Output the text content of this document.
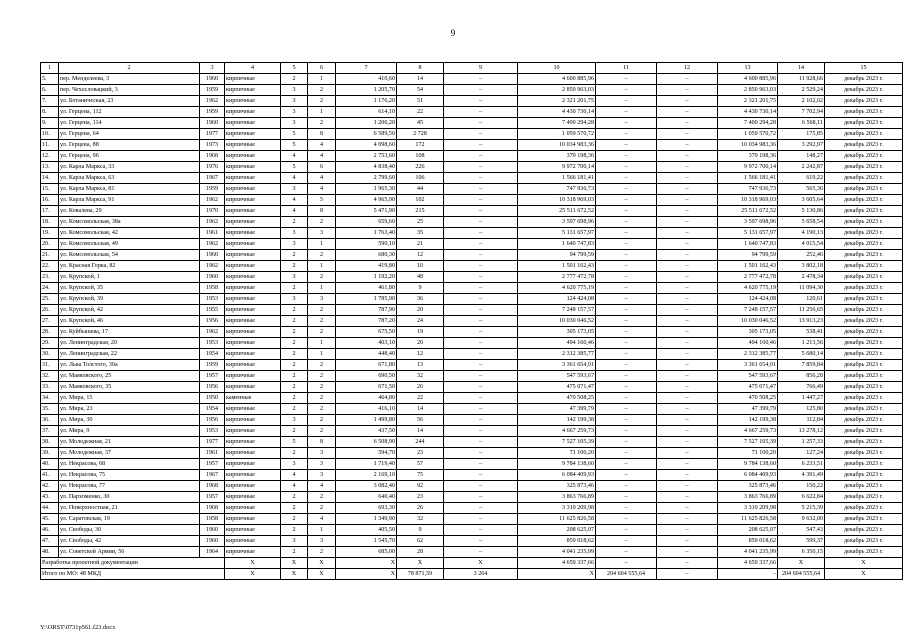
9
1	2	3	4	5	6	7	8	9	10	11	12	13	14	15	
5.	пер. Менделеева, 3	1960	кирпичные	2	1	410,60	14	–	4 600 885,96	–	–	4 600 885,96	11 928,66	декабрь 2023 г.	
6.	пер. Чехословацкий, 3	1959	кирпичные	3	2	1 205,70	54	–	2 850 963,03	–	–	2 850 963,03	2 529,24	декабрь 2023 г.	
7.	ул. Ботаническая, 23	1962	кирпичные	3	2	1 176,20	51	–	2 321 201,75	–	–	2 321 201,75	2 102,02	декабрь 2023 г.	
8.	ул. Герцена, 112	1959	кирпичные	3	1	614,10	22	–	4 430 730,14	–	–	4 430 730,14	7 702,94	декабрь 2023 г.	
9.	ул. Герцена, 114	1960	кирпичные	3	2	1 200,20	45	–	7 400 294,28	–	–	7 400 294,28	6 568,11	декабрь 2023 г.	
10.	ул. Герцена, 64	1977	кирпичные	5	8	6 589,50	2 728	–	1 059 570,72	–	–	1 059 570,72	175,85	декабрь 2023 г.	
11.	ул. Герцена, 88	1973	кирпичные	5	4	4 098,60	172	–	10 034 983,36	–	–	10 034 983,36	3 292,97	декабрь 2023 г.	
12.	ул. Герцена, 96	1968	кирпичные	4	4	2 753,60	108	–	379 198,36	–	–	379 198,36	148,27	декабрь 2023 г.	
13.	ул. Карла Маркса, 33	1976	кирпичные	5	6	4 838,40	226	–	9 972 700,14	–	–	9 972 700,14	2 242,87	декабрь 2023 г.	
14.	ул. Карла Маркса, 63	1967	кирпичные	4	4	2 799,60	106	–	1 566 181,41	–	–	1 566 181,41	619,22	декабрь 2023 г.	
15.	ул. Карла Маркса, 81	1959	кирпичные	3	4	1 965,30	44	–	747 936,73	–	–	747 936,73	565,36	декабрь 2023 г.	
16.	ул. Карла Маркса, 91	1962	кирпичные	4	5	4 965,90	102	–	10 318 969,03	–	–	10 318 969,03	3 605,64	декабрь 2023 г.	
17.	ул. Ковалева, 29	1970	кирпичные	4	8	5 471,90	215	–	25 511 672,52	–	–	25 511 672,52	5 130,86	декабрь 2023 г.	
18.	ул. Комсомольская, 38а	1962	кирпичные	2	2	659,60	25	–	3 597 698,96	–	–	3 597 698,96	5 658,54	декабрь 2023 г.	
19.	ул. Комсомольская, 42	1961	кирпичные	3	3	1 763,40	35	–	5 131 657,97	–	–	5 131 657,97	4 190,13	декабрь 2023 г.	
20.	ул. Комсомольская, 49	1962	кирпичные	3	1	590,10	21	–	1 640 747,83	–	–	1 640 747,83	4 015,54	декабрь 2023 г.	
21.	ул. Комсомольская, 54	1960	кирпичные	2	2	680,30	12	–	94 799,59	–	–	94 799,59	252,46	декабрь 2023 г.	
22.	ул. Красная Горка, 82	1962	кирпичные	2	1	419,80	10	–	1 501 162,43	–	–	1 501 162,43	3 802,18	декабрь 2023 г.	
23.	ул. Крупской, 1	1960	кирпичные	3	2	1 192,20	48	–	2 777 472,78	–	–	2 777 472,78	2 478,34	декабрь 2023 г.	
24.	ул. Крупской, 35	1958	кирпичные	2	1	461,80	9	–	4 620 775,19	–	–	4 620 775,19	11 094,30	декабрь 2023 г.	
25.	ул. Крупской, 39	1953	кирпичные	3	3	1 785,90	36	–	124 424,08	–	–	124 424,08	120,61	декабрь 2023 г.	
26.	ул. Крупской, 42	1955	кирпичные	2	2	787,90	20	–	7 248 157,57	–	–	7 248 157,57	11 256,65	декабрь 2023 г.	
27.	ул. Крупской, 46	1956	кирпичные	2	2	787,20	24	–	10 030 046,52	–	–	10 030 046,52	13 913,23	декабрь 2023 г.	
28.	ул. Куйбышева, 17	1962	кирпичные	2	2	675,50	19	–	305 173,05	–	–	305 173,05	538,41	декабрь 2023 г.	
29.	ул. Ленинградская, 20	1953	кирпичные	2	1	403,10	20	–	494 160,46	–	–	494 160,46	1 213,56	декабрь 2023 г.	
30.	ул. Ленинградская, 22	1954	кирпичные	2	1	448,40	12	–	2 312 385,77	–	–	2 312 385,77	5 680,14	декабрь 2023 г.	
31.	ул. Льва Толстого, 30а	1959	кирпичные	2	2	671,80	13	–	3 361 654,91	–	–	3 361 654,91	7 859,84	декабрь 2023 г.	
32.	ул. Маяковского, 25	1957	кирпичные	2	2	690,50	32	–	547 593,67	–	–	547 593,67	856,28	декабрь 2023 г.	
33.	ул. Маяковского, 35	1956	кирпичные	2	2	671,50	26	–	475 071,47	–	–	475 071,47	766,49	декабрь 2023 г.	
34.	ул. Мира, 15	1950	каменные	2	2	464,80	22	–	470 508,25	–	–	470 508,25	1 447,27	декабрь 2023 г.	
35.	ул. Мира, 23	1954	кирпичные	2	2	416,10	14	–	47 399,79	–	–	47 399,79	125,80	декабрь 2023 г.	
36.	ул. Мира, 30	1956	кирпичные	3	2	1 499,80	56	–	142 199,38	–	–	142 199,38	112,84	декабрь 2023 г.	
37.	ул. Мира, 9	1953	кирпичные	2	2	437,50	14	–	4 667 259,73	–	–	4 667 259,73	13 278,12	декабрь 2023 г.	
38.	ул. Молодежная, 21	1977	кирпичные	5	8	6 508,90	244	–	7 527 105,39	–	–	7 527 105,39	1 257,33	декабрь 2023 г.	
39.	ул. Молодежная, 37	1961	кирпичные	2	3	594,70	23	–	71 100,20	–	–	71 100,20	127,24	декабрь 2023 г.	
40.	ул. Некрасова, 68	1957	кирпичные	3	3	1 719,40	57	–	9 784 138,60	–	–	9 784 138,60	6 233,51	декабрь 2023 г.	
41.	ул. Некрасова, 75	1967	кирпичные	4	3	2 169,10	75	–	6 084 409,93	–	–	6 084 409,93	4 391,49	декабрь 2023 г.	
42.	ул. Некрасова, 77	1968	кирпичные	4	4	3 082,40	92	–	325 873,46	–	–	325 873,46	150,22	декабрь 2023 г.	
43.	ул. Пархоменко, 30	1957	кирпичные	2	2	640,40	23	–	3 863 766,89	–	–	3 863 766,89	6 622,84	декабрь 2023 г.	
44.	ул. Поверхностная, 21	1968	кирпичные	2	2	693,30	26	–	3 310 209,98	–	–	3 310 209,98	5 215,39	декабрь 2023 г.	
45.	ул. Саратовская, 19	1958	кирпичные	2	4	1 349,90	32	–	11 625 826,58	–	–	11 625 826,58	9 632,00	декабрь 2023 г.	
46.	ул. Свободы, 30	1960	кирпичные	2	1	405,50	9	–	208 625,07	–	–	208 625,07	547,43	декабрь 2023 г.	
47.	ул. Свободы, 42	1960	кирпичные	3	3	1 545,70	62	–	859 018,62	–	–	859 018,62	599,37	декабрь 2023 г.	
48.	ул. Советской Армии, 56	1964	кирпичные	2	2	685,00	28	–	4 041 235,99	–	–	4 041 235,99	6 350,15	декабрь 2023 г.	
Разработка проектной документации			X	X	X	X	X	X	4 659 337,66	–	–	4 659 337,66	X	X	
Итого по МО: 48 МКД			X	X	X	X	78 871,59	3 264	X	204 604 555,64	–	–	204 604 555,64	X	
Y:\ORST\0731p561.f23.docx
